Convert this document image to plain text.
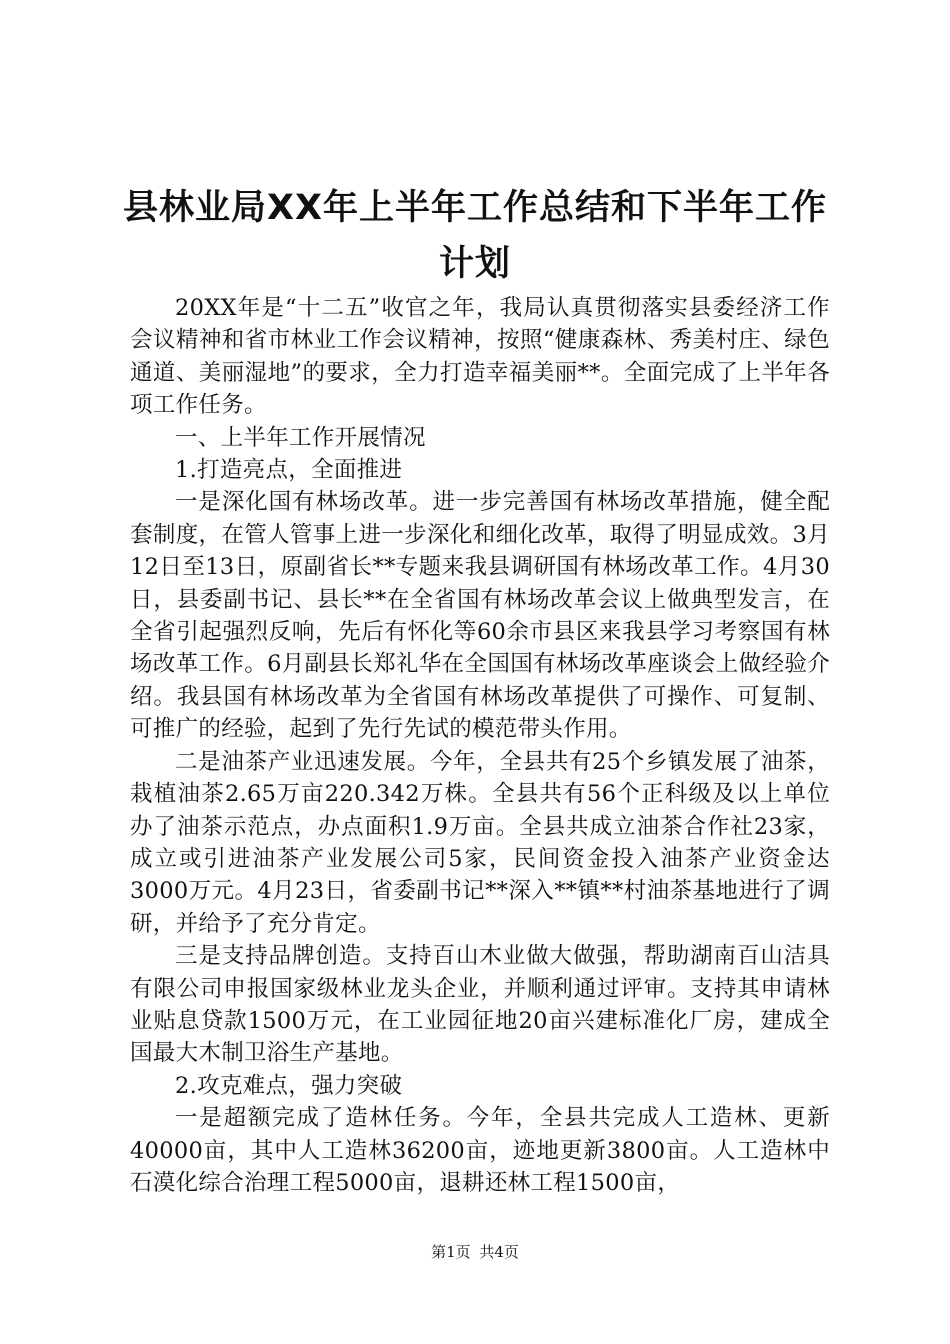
县林业局XX年上半年工作总结和下半年工作
计划

20XX年是“十二五”收官之年，我局认真贯彻落实县委经济工作会议精神和省市林业工作会议精神，按照“健康森林、秀美村庄、绿色通道、美丽湿地”的要求，全力打造幸福美丽**。全面完成了上半年各项工作任务。

一、上半年工作开展情况

1.打造亮点，全面推进

一是深化国有林场改革。进一步完善国有林场改革措施，健全配套制度，在管人管事上进一步深化和细化改革，取得了明显成效。3月12日至13日，原副省长**专题来我县调研国有林场改革工作。4月30日，县委副书记、县长**在全省国有林场改革会议上做典型发言，在全省引起强烈反响，先后有怀化等60余市县区来我县学习考察国有林场改革工作。6月副县长郑礼华在全国国有林场改革座谈会上做经验介绍。我县国有林场改革为全省国有林场改革提供了可操作、可复制、可推广的经验，起到了先行先试的模范带头作用。

二是油茶产业迅速发展。今年，全县共有25个乡镇发展了油茶，栽植油茶2.65万亩220.342万株。全县共有56个正科级及以上单位办了油茶示范点，办点面积1.9万亩。全县共成立油茶合作社23家，成立或引进油茶产业发展公司5家，民间资金投入油茶产业资金达3000万元。4月23日，省委副书记**深入**镇**村油茶基地进行了调研，并给予了充分肯定。

三是支持品牌创造。支持百山木业做大做强，帮助湖南百山洁具有限公司申报国家级林业龙头企业，并顺利通过评审。支持其申请林业贴息贷款1500万元，在工业园征地20亩兴建标准化厂房，建成全国最大木制卫浴生产基地。

2.攻克难点，强力突破

一是超额完成了造林任务。今年，全县共完成人工造林、更新40000亩，其中人工造林36200亩，迹地更新3800亩。人工造林中石漠化综合治理工程5000亩，退耕还林工程1500亩，

第1页 共4页
